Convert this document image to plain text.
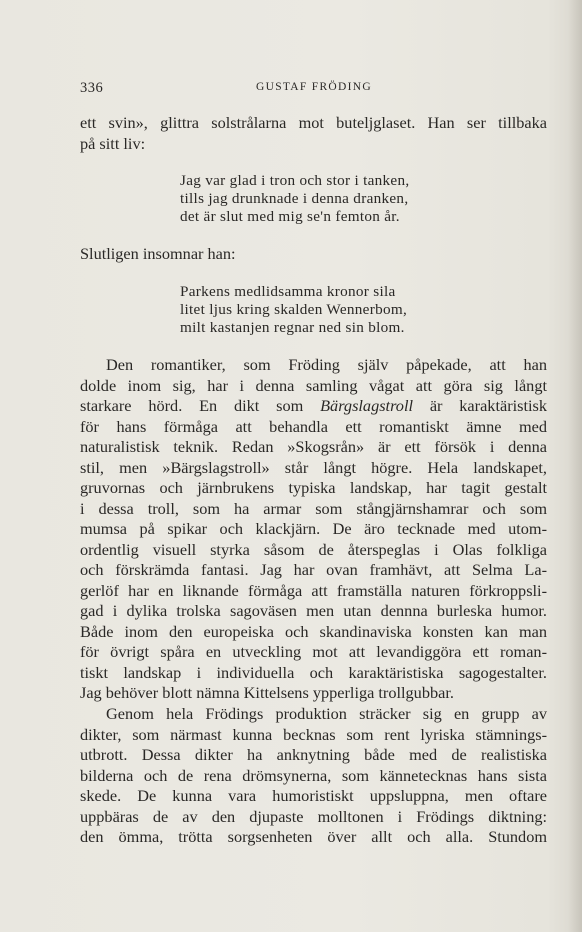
336	GUSTAF FRÖDING
ett svin», glittra solstrålarna mot buteljglaset. Han ser tillbaka
på sitt liv:
Jag var glad i tron och stor i tanken,
tills jag drunknade i denna dranken,
det är slut med mig se'n femton år.
Slutligen insomnar han:
Parkens medlidsamma kronor sila
litet ljus kring skalden Wennerbom,
milt kastanjen regnar ned sin blom.
Den romantiker, som Fröding själv påpekade, att han
dolde inom sig, har i denna samling vågat att göra sig långt
starkare hörd. En dikt som Bärgslagstroll är karaktäristisk
för hans förmåga att behandla ett romantiskt ämne med
naturalistisk teknik. Redan »Skogsrån» är ett försök i denna
stil, men »Bärgslagstroll» står långt högre. Hela landskapet,
gruvornas och järnbrukens typiska landskap, har tagit gestalt
i dessa troll, som ha armar som stångjärnshamrar och som
mumsa på spikar och klackjärn. De äro tecknade med utom-
ordentlig visuell styrka såsom de återspeglas i Olas folkliga
och förskrämda fantasi. Jag har ovan framhävt, att Selma La-
gerlöf har en liknande förmåga att framställa naturen förkroppsli-
gad i dylika trolska sagoväsen men utan dennna burleska humor.
Både inom den europeiska och skandinaviska konsten kan man
för övrigt spåra en utveckling mot att levandiggöra ett roman-
tiskt landskap i individuella och karaktäristiska sagogestalter.
Jag behöver blott nämna Kittelsens ypperliga trollgubbar.
Genom hela Frödings produktion sträcker sig en grupp av
dikter, som närmast kunna becknas som rent lyriska stämnings-
utbrott. Dessa dikter ha anknytning både med de realistiska
bilderna och de rena drömsynerna, som kännetecknas hans sista
skede. De kunna vara humoristiskt uppsluppna, men oftare
uppbäras de av den djupaste molltonen i Frödings diktning:
den ömma, trötta sorgsenheten över allt och alla. Stundom
